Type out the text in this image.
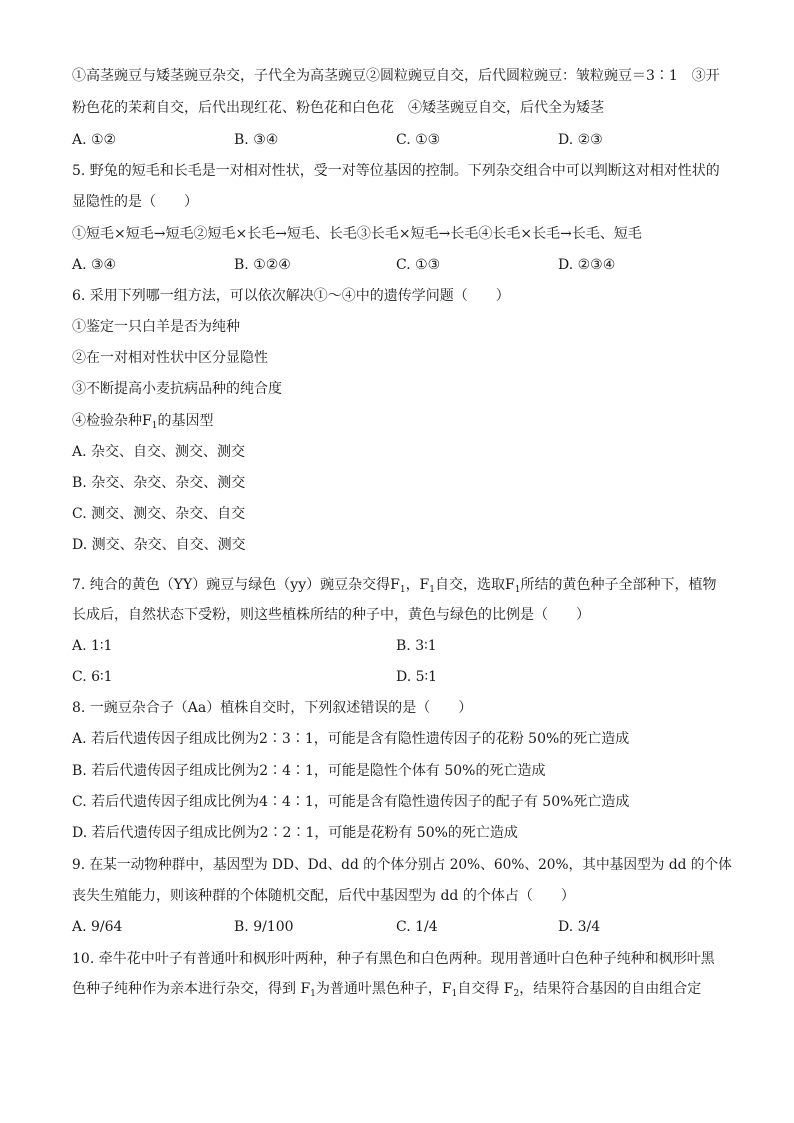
①高茎豌豆与矮茎豌豆杂交，子代全为高茎豌豆②圆粒豌豆自交，后代圆粒豌豆：皱粒豌豆＝3∶1　③开
粉色花的茉莉自交，后代出现红花、粉色花和白色花　④矮茎豌豆自交，后代全为矮茎
A. ①②	B. ③④	C. ①③	D. ②③
5. 野兔的短毛和长毛是一对相对性状，受一对等位基因的控制。下列杂交组合中可以判断这对相对性状的
显隐性的是（　　）
①短毛×短毛→短毛②短毛×长毛→短毛、长毛③长毛×短毛→长毛④长毛×长毛→长毛、短毛
A. ③④	B. ①②④	C. ①③	D. ②③④
6. 采用下列哪一组方法，可以依次解决①～④中的遗传学问题（　　）
①鉴定一只白羊是否为纯种
②在一对相对性状中区分显隐性
③不断提高小麦抗病品种的纯合度
④检验杂种$F_1$的基因型
A. 杂交、自交、测交、测交
B. 杂交、杂交、杂交、测交
C. 测交、测交、杂交、自交
D. 测交、杂交、自交、测交
7. 纯合的黄色（YY）豌豆与绿色（yy）豌豆杂交得$F_1$，$F_1$自交，选取$F_1$所结的黄色种子全部种下，植物
长成后，自然状态下受粉，则这些植株所结的种子中，黄色与绿色的比例是（　　）
A. 1∶1	B. 3∶1
C. 6∶1	D. 5∶1
8. 一豌豆杂合子（Aa）植株自交时，下列叙述错误的是（　　）
A. 若后代遗传因子组成比例为2∶3∶1，可能是含有隐性遗传因子的花粉 50%的死亡造成
B. 若后代遗传因子组成比例为2∶4∶1，可能是隐性个体有 50%的死亡造成
C. 若后代遗传因子组成比例为4∶4∶1，可能是含有隐性遗传因子的配子有 50%死亡造成
D. 若后代遗传因子组成比例为2∶2∶1，可能是花粉有 50%的死亡造成
9. 在某一动物种群中，基因型为 DD、Dd、dd 的个体分别占 20%、60%、20%，其中基因型为 dd 的个体
丧失生殖能力，则该种群的个体随机交配，后代中基因型为 dd 的个体占（　　）
A. 9/64	B. 9/100	C. 1/4	D. 3/4
10. 牵牛花中叶子有普通叶和枫形叶两种，种子有黑色和白色两种。现用普通叶白色种子纯种和枫形叶黑
色种子纯种作为亲本进行杂交，得到 $F_1$为普通叶黑色种子，$F_1$自交得 $F_2$，结果符合基因的自由组合定
